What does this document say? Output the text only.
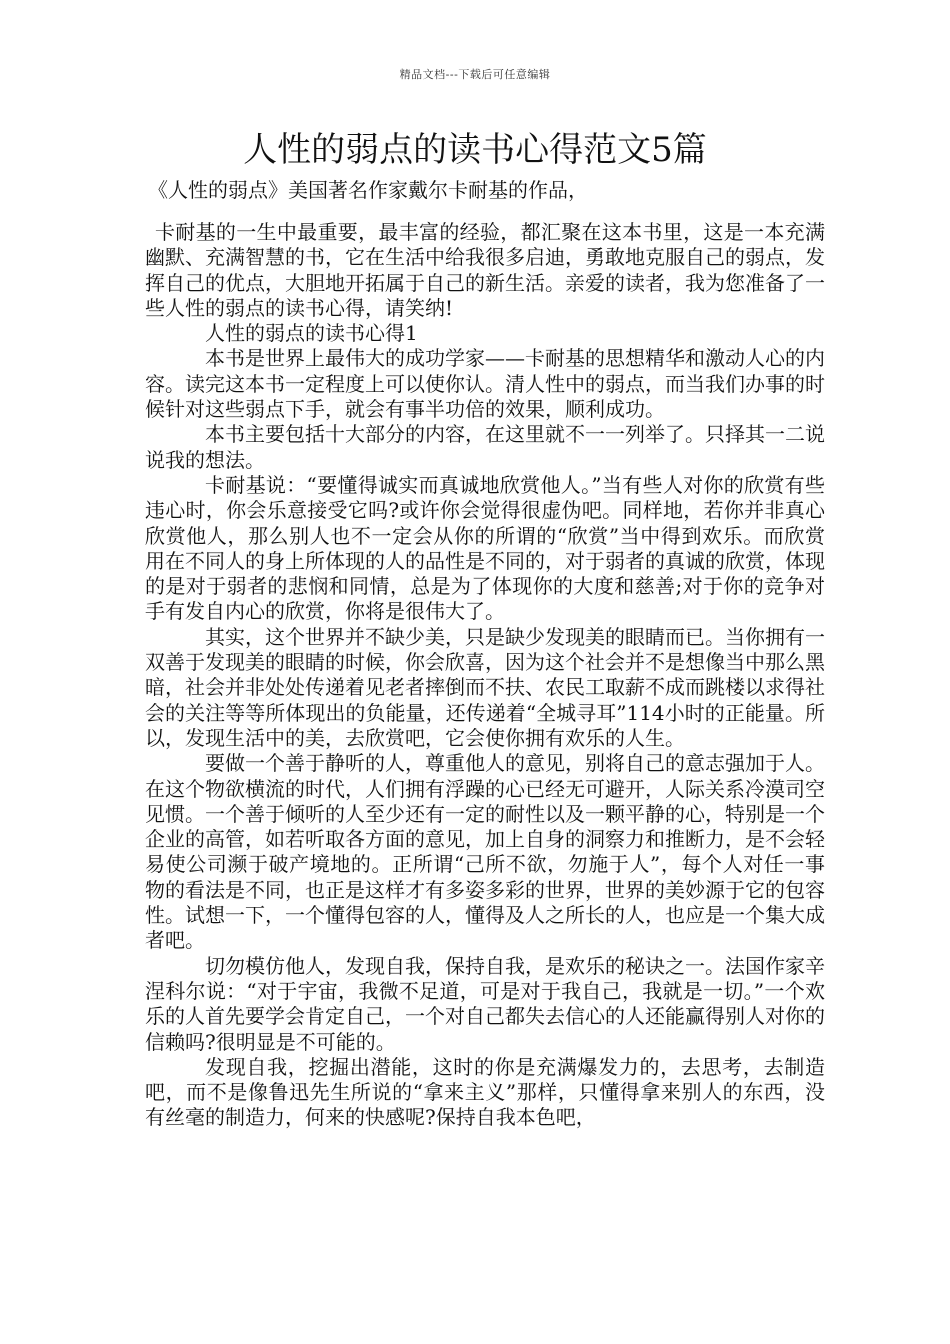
精品文档---下载后可任意编辑
人性的弱点的读书心得范文5篇

《人性的弱点》美国著名作家戴尔卡耐基的作品，

卡耐基的一生中最重要，最丰富的经验，都汇聚在这本书里，这是一本充满幽默、充满智慧的书，它在生活中给我很多启迪，勇敢地克服自己的弱点，发挥自己的优点，大胆地开拓属于自己的新生活。亲爱的读者，我为您准备了一些人性的弱点的读书心得，请笑纳!

人性的弱点的读书心得1

本书是世界上最伟大的成功学家——卡耐基的思想精华和激动人心的内容。读完这本书一定程度上可以使你认。清人性中的弱点，而当我们办事的时候针对这些弱点下手，就会有事半功倍的效果，顺利成功。

本书主要包括十大部分的内容，在这里就不一一列举了。只择其一二说说我的想法。

卡耐基说：“要懂得诚实而真诚地欣赏他人。”当有些人对你的欣赏有些违心时，你会乐意接受它吗?或许你会觉得很虚伪吧。同样地，若你并非真心欣赏他人，那么别人也不一定会从你的所谓的“欣赏”当中得到欢乐。而欣赏用在不同人的身上所体现的人的品性是不同的，对于弱者的真诚的欣赏，体现的是对于弱者的悲悯和同情，总是为了体现你的大度和慈善;对于你的竞争对手有发自内心的欣赏，你将是很伟大了。

其实，这个世界并不缺少美，只是缺少发现美的眼睛而已。当你拥有一双善于发现美的眼睛的时候，你会欣喜，因为这个社会并不是想像当中那么黑暗，社会并非处处传递着见老者摔倒而不扶、农民工取薪不成而跳楼以求得社会的关注等等所体现出的负能量，还传递着“全城寻耳”114小时的正能量。所以，发现生活中的美，去欣赏吧，它会使你拥有欢乐的人生。

要做一个善于静听的人，尊重他人的意见，别将自己的意志强加于人。在这个物欲横流的时代，人们拥有浮躁的心已经无可避开，人际关系冷漠司空见惯。一个善于倾听的人至少还有一定的耐性以及一颗平静的心，特别是一个企业的高管，如若听取各方面的意见，加上自身的洞察力和推断力，是不会轻易使公司濒于破产境地的。正所谓“己所不欲，勿施于人”，每个人对任一事物的看法是不同，也正是这样才有多姿多彩的世界，世界的美妙源于它的包容性。试想一下，一个懂得包容的人，懂得及人之所长的人，也应是一个集大成者吧。

切勿模仿他人，发现自我，保持自我，是欢乐的秘诀之一。法国作家辛涅科尔说：“对于宇宙，我微不足道，可是对于我自己，我就是一切。”一个欢乐的人首先要学会肯定自己，一个对自己都失去信心的人还能赢得别人对你的信赖吗?很明显是不可能的。

发现自我，挖掘出潜能，这时的你是充满爆发力的，去思考，去制造吧，而不是像鲁迅先生所说的“拿来主义”那样，只懂得拿来别人的东西，没有丝毫的制造力，何来的快感呢?保持自我本色吧，
